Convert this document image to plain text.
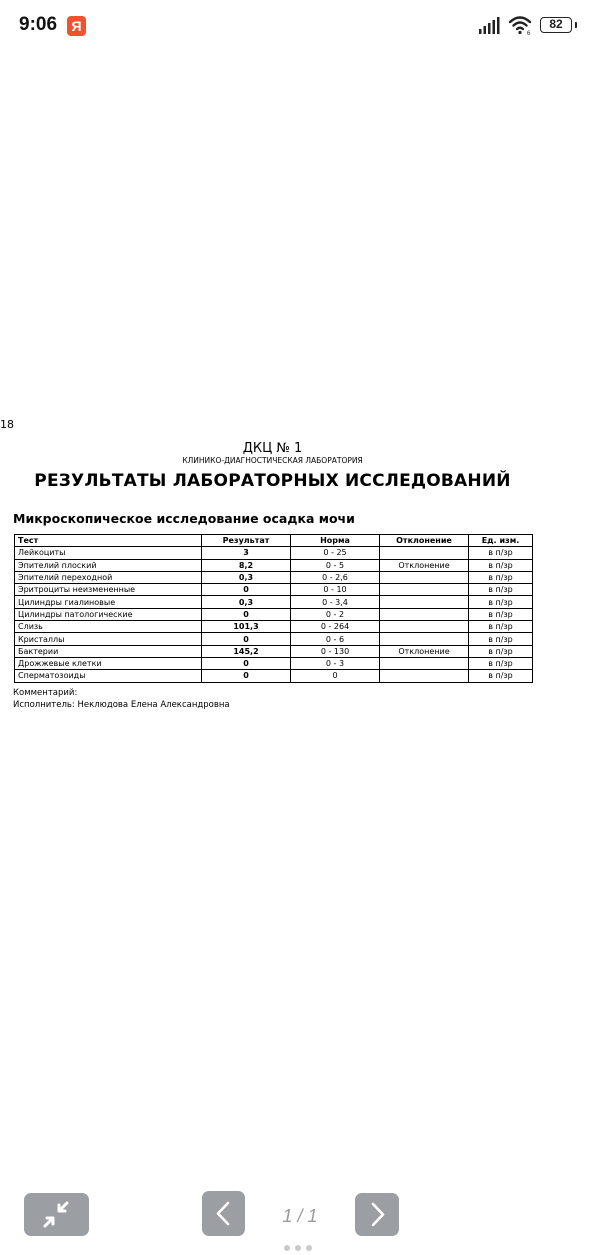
9:06	Я	6
82
18
ДКЦ № 1
КЛИНИКО-ДИАГНОСТИЧЕСКАЯ ЛАБОРАТОРИЯ
РЕЗУЛЬТАТЫ ЛАБОРАТОРНЫХ ИССЛЕДОВАНИЙ
Микроскопическое исследование осадка мочи
Тест	Результат	Норма	Отклонение	Ед. изм.
Лейкоциты	3	0 - 25		в п/зр
Эпителий плоский	8,2	0 - 5	Отклонение	в п/зр
Эпителий переходной	0,3	0 - 2,6		в п/зр
Эритроциты неизмененные	0	0 - 10		в п/зр
Цилиндры гиалиновые	0,3	0 - 3,4		в п/зр
Цилиндры патологические	0	0 - 2		в п/зр
Слизь	101,3	0 - 264		в п/зр
Кристаллы	0	0 - 6		в п/зр
Бактерии	145,2	0 - 130	Отклонение	в п/зр
Дрожжевые клетки	0	0 - 3		в п/зр
Сперматозоиды	0	0		в п/зр
Комментарий:
Исполнитель: Неклюдова Елена Александровна
1 / 1
